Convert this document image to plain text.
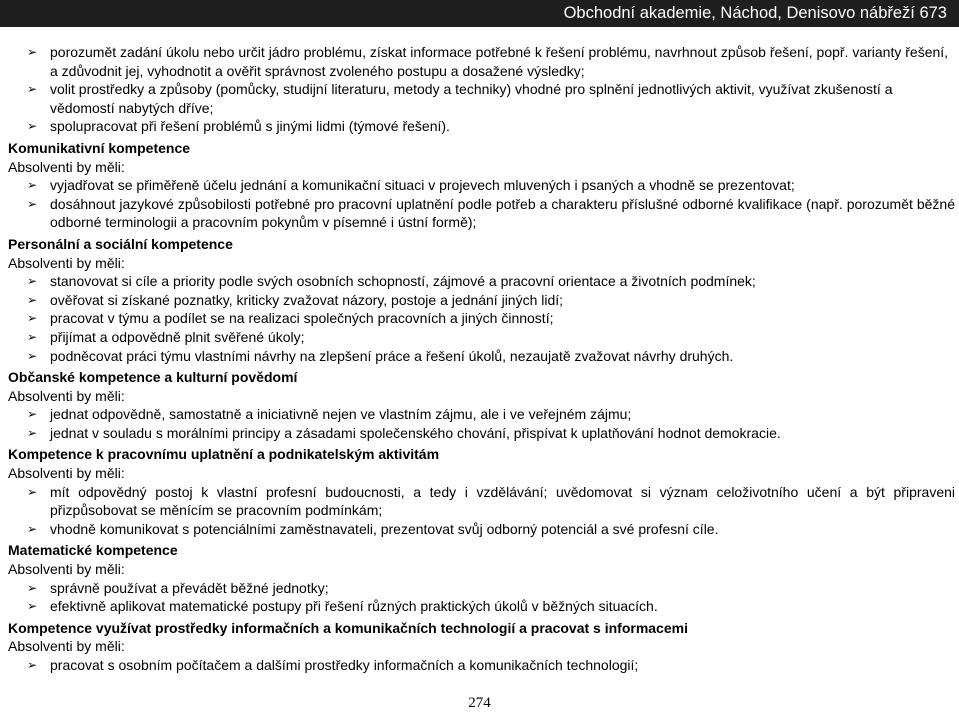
Obchodní akademie, Náchod, Denisovo nábřeží 673
➢ porozumět zadání úkolu nebo určit jádro problému, získat informace potřebné k řešení problému, navrhnout způsob řešení, popř. varianty řešení, a zdůvodnit jej, vyhodnotit a ověřit správnost zvoleného postupu a dosažené výsledky;
➢ volit prostředky a způsoby (pomůcky, studijní literaturu, metody a techniky) vhodné pro splnění jednotlivých aktivit, využívat zkušeností a vědomostí nabytých dříve;
➢ spolupracovat při řešení problémů s jinými lidmi (týmové řešení).
Komunikativní kompetence
Absolventi by měli:
➢ vyjadřovat se přiměřeně účelu jednání a komunikační situaci v projevech mluvených i psaných a vhodně se prezentovat;
➢ dosáhnout jazykové způsobilosti potřebné pro pracovní uplatnění podle potřeb a charakteru příslušné odborné kvalifikace (např. porozumět běžné odborné terminologii a pracovním pokynům v písemné i ústní formě);
Personální a sociální kompetence
Absolventi by měli:
➢ stanovovat si cíle a priority podle svých osobních schopností, zájmové a pracovní orientace a životních podmínek;
➢ ověřovat si získané poznatky, kriticky zvažovat názory, postoje a jednání jiných lidí;
➢ pracovat v týmu a podílet se na realizaci společných pracovních a jiných činností;
➢ přijímat a odpovědně plnit svěřené úkoly;
➢ podněcovat práci týmu vlastními návrhy na zlepšení práce a řešení úkolů, nezaujatě zvažovat návrhy druhých.
Občanské kompetence a kulturní povědomí
Absolventi by měli:
➢ jednat odpovědně, samostatně a iniciativně nejen ve vlastním zájmu, ale i ve veřejném zájmu;
➢ jednat v souladu s morálními principy a zásadami společenského chování, přispívat k uplatňování hodnot demokracie.
Kompetence k pracovnímu uplatnění a podnikatelským aktivitám
Absolventi by měli:
➢ mít odpovědný postoj k vlastní profesní budoucnosti, a tedy i vzdělávání; uvědomovat si význam celoživotního učení a být připraveni přizpůsobovat se měnícím se pracovním podmínkám;
➢ vhodně komunikovat s potenciálními zaměstnavateli, prezentovat svůj odborný potenciál a své profesní cíle.
Matematické kompetence
Absolventi by měli:
➢ správně používat a převádět běžné jednotky;
➢ efektivně aplikovat matematické postupy při řešení různých praktických úkolů v běžných situacích.
Kompetence využívat prostředky informačních a komunikačních technologií a pracovat s informacemi
Absolventi by měli:
➢ pracovat s osobním počítačem a dalšími prostředky informačních a komunikačních technologií;
274
